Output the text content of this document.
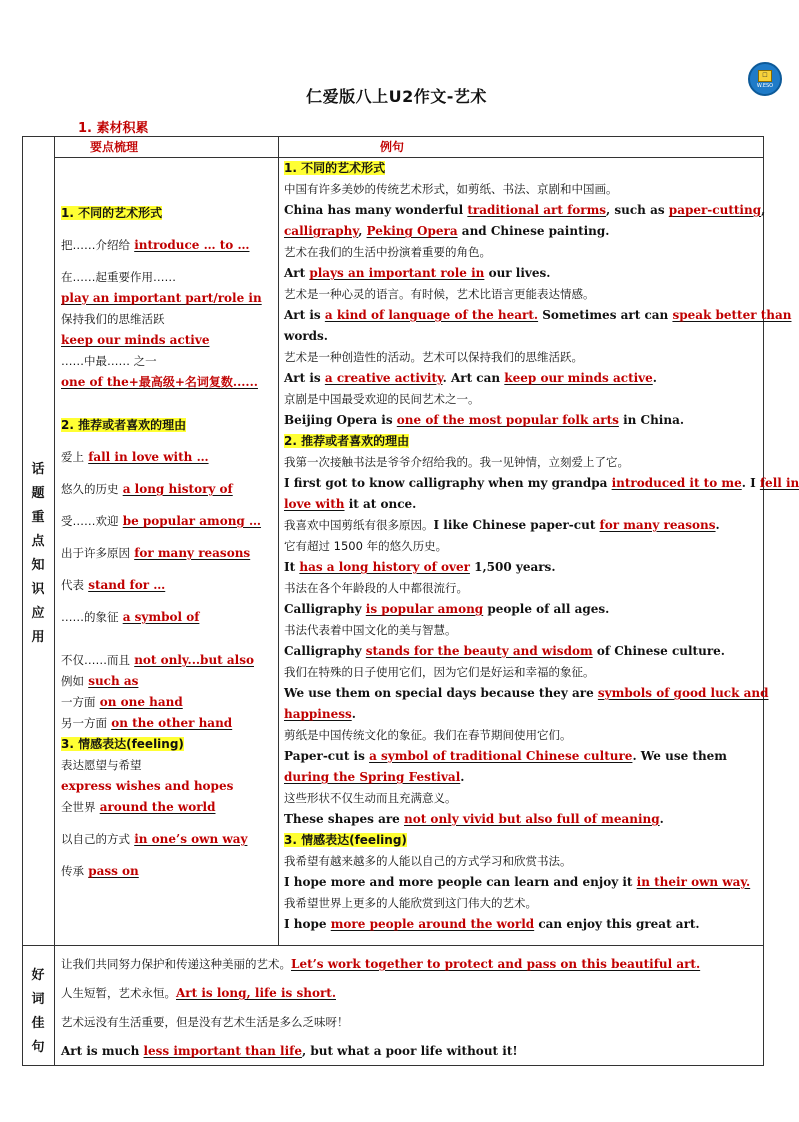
☐
W.ESO
仁爱版八上U2作文-艺术
1. 素材积累
要点梳理	例句
话题重点知识应用
好词佳句

1. 不同的艺术形式

把……介绍给 introduce … to …

在……起重要作用……

play an important part/role in

保持我们的思维活跃

keep our minds active

……中最…… 之一

one of the+最高级+名词复数......

2. 推荐或者喜欢的理由

爱上 fall in love with …

悠久的历史 a long history of

受……欢迎 be popular among …

出于许多原因 for many reasons

代表 stand for …

……的象征 a symbol of

不仅……而且 not only...but also

例如 such as

一方面 on one hand

另一方面 on the other hand

3. 情感表达(feeling)

表达愿望与希望

express wishes and hopes

全世界 around the world

以自己的方式 in one’s own way

传承 pass on

1. 不同的艺术形式

中国有许多美妙的传统艺术形式，如剪纸、书法、京剧和中国画。

China has many wonderful traditional art forms, such as paper-cutting,

calligraphy, Peking Opera and Chinese painting.

艺术在我们的生活中扮演着重要的角色。

Art plays an important role in our lives.

艺术是一种心灵的语言。有时候，艺术比语言更能表达情感。

Art is a kind of language of the heart. Sometimes art can speak better than

words.

艺术是一种创造性的活动。艺术可以保持我们的思维活跃。

Art is a creative activity. Art can keep our minds active.

京剧是中国最受欢迎的民间艺术之一。

Beijing Opera is one of the most popular folk arts in China.

2. 推荐或者喜欢的理由

我第一次接触书法是爷爷介绍给我的。我一见钟情，立刻爱上了它。

I first got to know calligraphy when my grandpa introduced it to me. I fell in

love with it at once.

我喜欢中国剪纸有很多原因。I like Chinese paper-cut for many reasons.

它有超过 1500 年的悠久历史。

It has a long history of over 1,500 years.

书法在各个年龄段的人中都很流行。

Calligraphy is popular among people of all ages.

书法代表着中国文化的美与智慧。

Calligraphy stands for the beauty and wisdom of Chinese culture.

我们在特殊的日子使用它们，因为它们是好运和幸福的象征。

We use them on special days because they are symbols of good luck and

happiness.

剪纸是中国传统文化的象征。我们在春节期间使用它们。

Paper-cut is a symbol of traditional Chinese culture. We use them

during the Spring Festival.

这些形状不仅生动而且充满意义。

These shapes are not only vivid but also full of meaning.

3. 情感表达(feeling)

我希望有越来越多的人能以自己的方式学习和欣赏书法。

I hope more and more people can learn and enjoy it in their own way.

我希望世界上更多的人能欣赏到这门伟大的艺术。

I hope more people around the world can enjoy this great art.

让我们共同努力保护和传递这种美丽的艺术。Let’s work together to protect and pass on this beautiful art.

人生短暂，艺术永恒。Art is long, life is short.

艺术远没有生活重要，但是没有艺术生活是多么乏味呀！

Art is much less important than life, but what a poor life without it!
